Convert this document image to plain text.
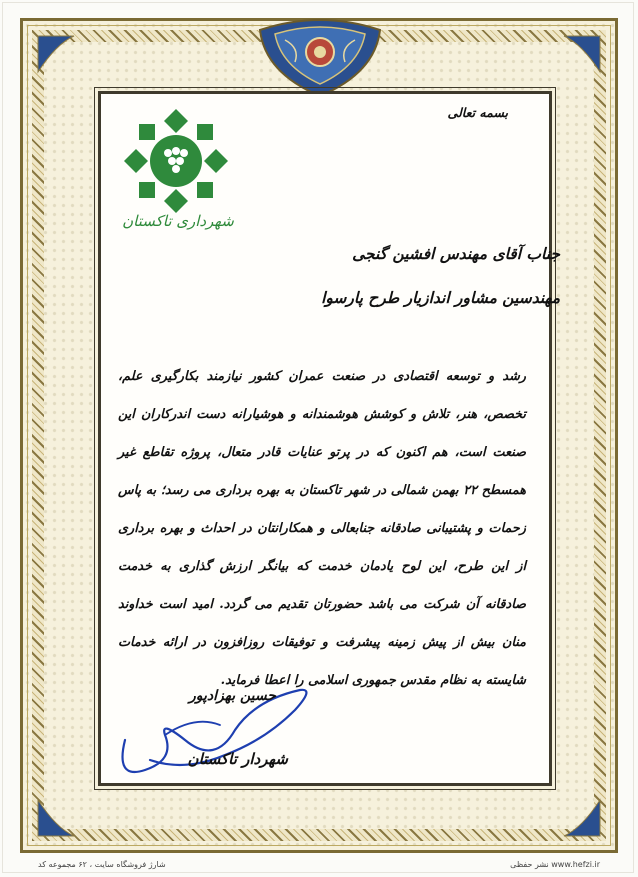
شهرداری تاکستان
بسمه تعالی
جناب آقای مهندس افشین گنجی
مهندسین مشاور اندازیار طرح پارسوا
رشد و توسعه اقتصادی در صنعت عمران کشور نیازمند بکارگیری علم، تخصص، هنر، تلاش و کوشش هوشمندانه و هوشیارانه دست اندرکاران این صنعت است، هم اکنون که در پرتو عنایات قادر متعال، پروژه تقاطع غیر همسطح ۲۲ بهمن شمالی در شهر تاکستان به بهره برداری می رسد؛ به پاس زحمات و پشتیبانی صادقانه جنابعالی و همکارانتان در احداث و بهره برداری از این طرح، این لوح یادمان خدمت که بیانگر ارزش گذاری به خدمت صادقانه آن شرکت می باشد حضورتان تقدیم می گردد. امید است خداوند منان بیش از پیش زمینه پیشرفت و توفیقات روزافزون در ارائه خدمات شایسته به نظام مقدس جمهوری اسلامی را اعطا فرماید.
حسین بهزادپور
شهردار تاکستان
شارژ فروشگاه سایت ، ۶۲ مجموعه کد	www.hefzi.ir نشر حفظی
